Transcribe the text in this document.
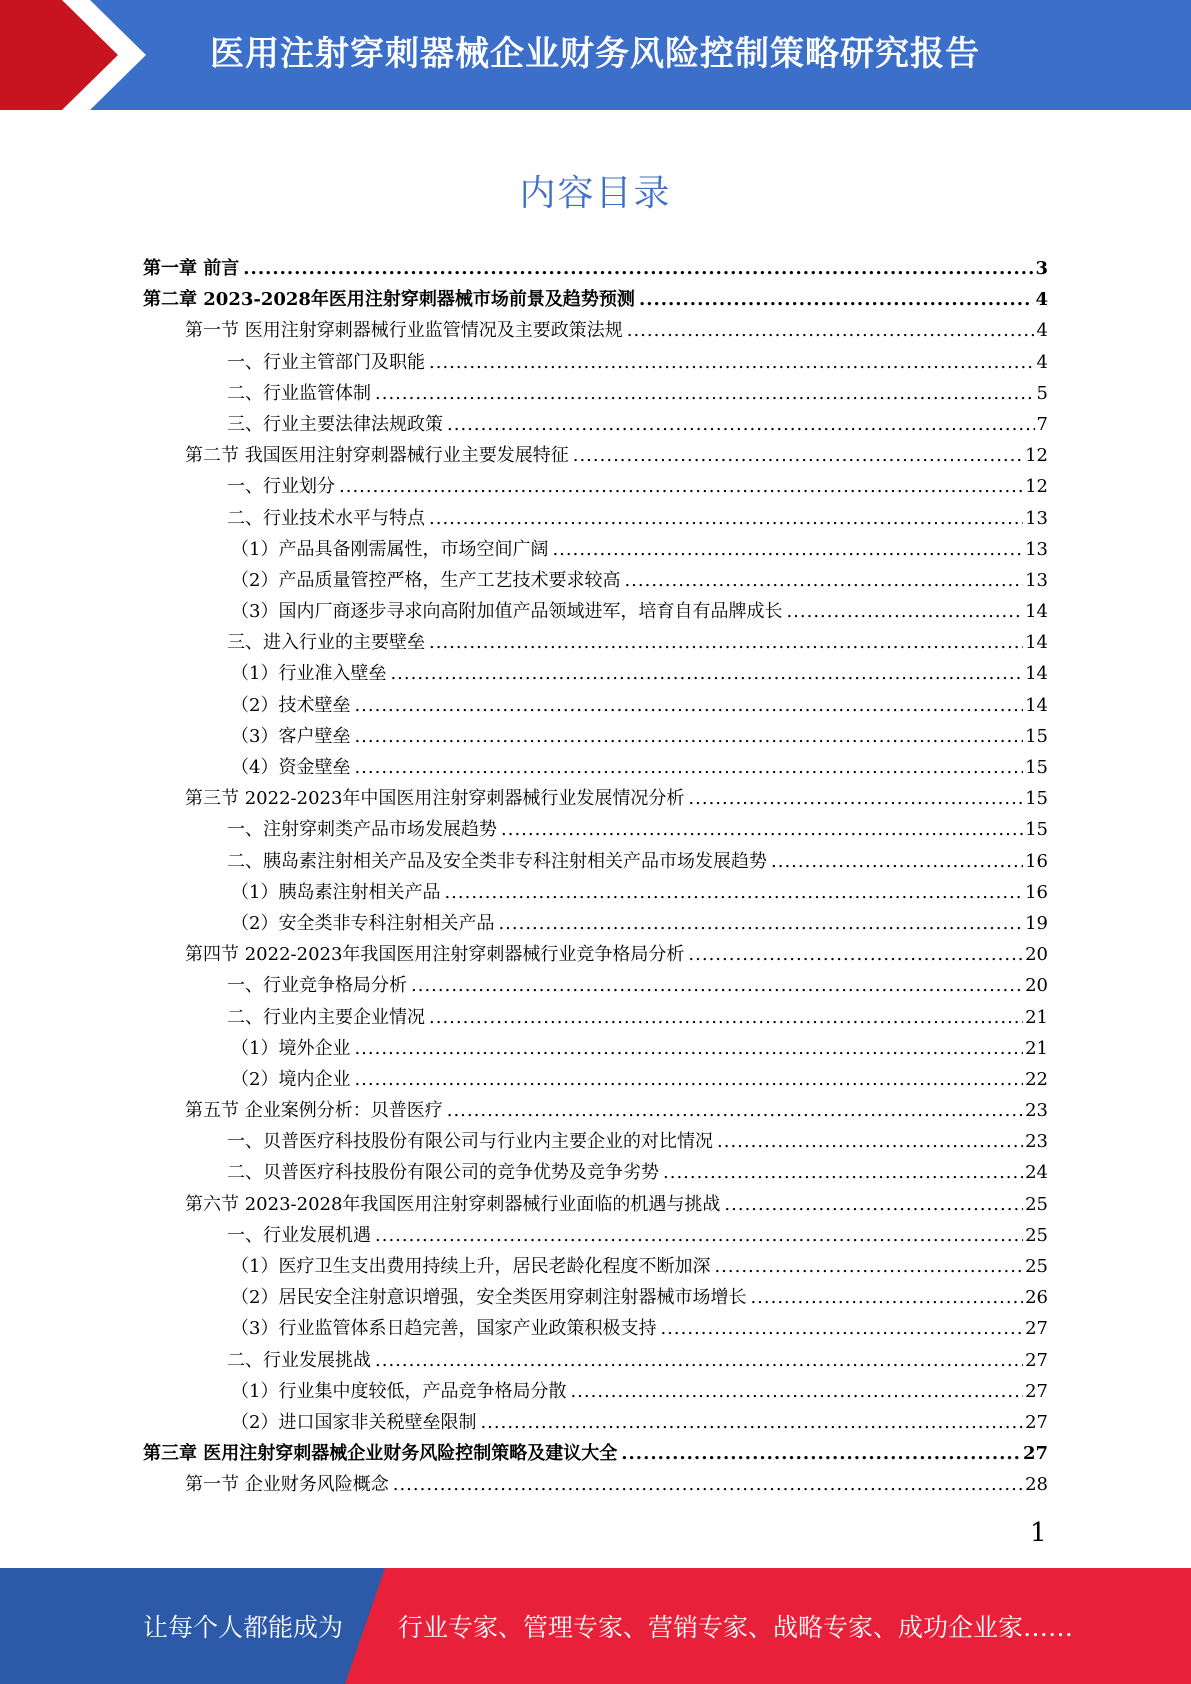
医用注射穿刺器械企业财务风险控制策略研究报告
内容目录
第一章 前言 .....	3
第二章 2023-2028年医用注射穿刺器械市场前景及趋势预测 .....	4
第一节 医用注射穿刺器械行业监管情况及主要政策法规 .....	4
一、行业主管部门及职能 .....	4
二、行业监管体制 .....	5
三、行业主要法律法规政策 .....	7
第二节 我国医用注射穿刺器械行业主要发展特征 .....	12
一、行业划分 .....	12
二、行业技术水平与特点 .....	13
（1）产品具备刚需属性，市场空间广阔 .....	13
（2）产品质量管控严格，生产工艺技术要求较高 .....	13
（3）国内厂商逐步寻求向高附加值产品领域进军，培育自有品牌成长 .....	14
三、进入行业的主要壁垒 .....	14
（1）行业准入壁垒 .....	14
（2）技术壁垒 .....	14
（3）客户壁垒 .....	15
（4）资金壁垒 .....	15
第三节 2022-2023年中国医用注射穿刺器械行业发展情况分析 .....	15
一、注射穿刺类产品市场发展趋势 .....	15
二、胰岛素注射相关产品及安全类非专科注射相关产品市场发展趋势 .....	16
（1）胰岛素注射相关产品 .....	16
（2）安全类非专科注射相关产品 .....	19
第四节 2022-2023年我国医用注射穿刺器械行业竞争格局分析 .....	20
一、行业竞争格局分析 .....	20
二、行业内主要企业情况 .....	21
（1）境外企业 .....	21
（2）境内企业 .....	22
第五节 企业案例分析：贝普医疗 .....	23
一、贝普医疗科技股份有限公司与行业内主要企业的对比情况 .....	23
二、贝普医疗科技股份有限公司的竞争优势及竞争劣势 .....	24
第六节 2023-2028年我国医用注射穿刺器械行业面临的机遇与挑战 .....	25
一、行业发展机遇 .....	25
（1）医疗卫生支出费用持续上升，居民老龄化程度不断加深 .....	25
（2）居民安全注射意识增强，安全类医用穿刺注射器械市场增长 .....	26
（3）行业监管体系日趋完善，国家产业政策积极支持 .....	27
二、行业发展挑战 .....	27
（1）行业集中度较低，产品竞争格局分散 .....	27
（2）进口国家非关税壁垒限制 .....	27
第三章 医用注射穿刺器械企业财务风险控制策略及建议大全 .....	27
第一节 企业财务风险概念 .....	28
1
让每个人都能成为 行业专家、管理专家、营销专家、战略专家、成功企业家……
